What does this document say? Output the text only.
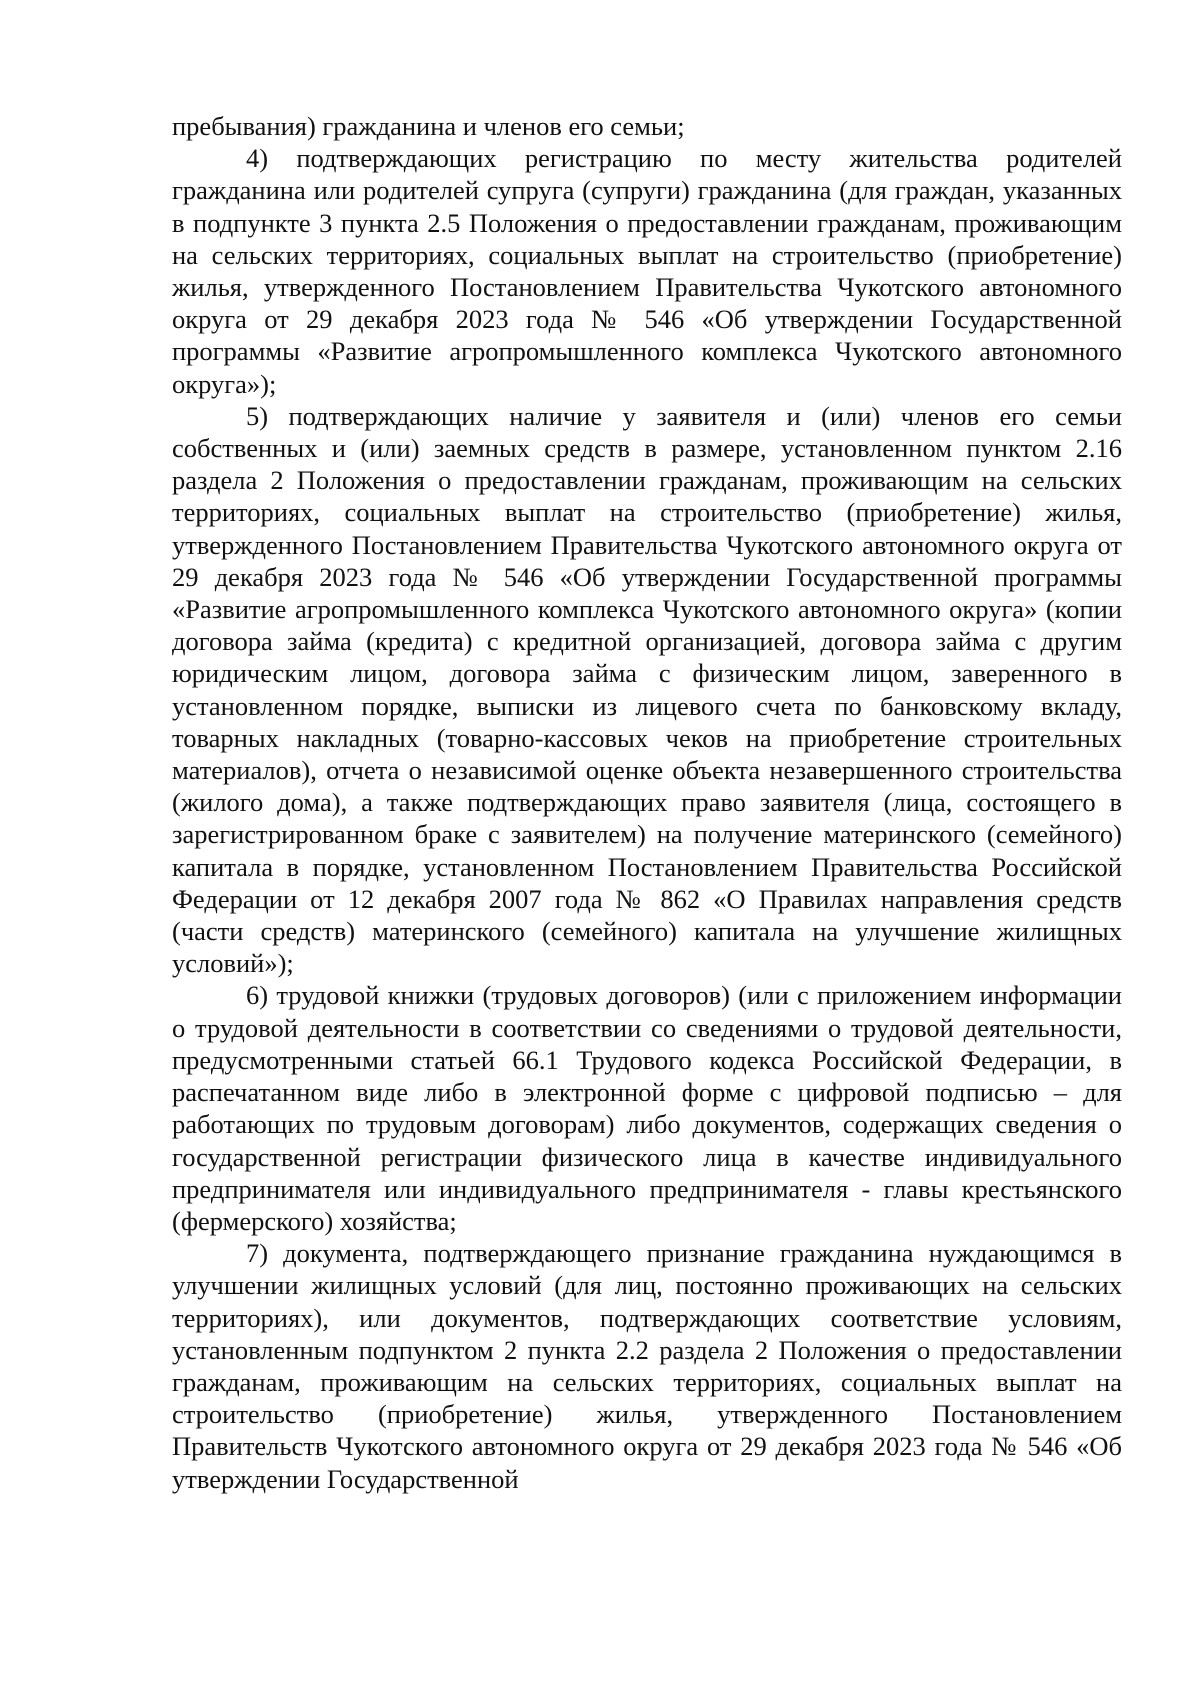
пребывания) гражданина и членов его семьи;

4) подтверждающих регистрацию по месту жительства родителей гражданина или родителей супруга (супруги) гражданина (для граждан, указанных в подпункте 3 пункта 2.5 Положения о предоставлении гражданам, проживающим на сельских территориях, социальных выплат на строительство (приобретение) жилья, утвержденного Постановлением Правительства Чукотского автономного округа от 29 декабря 2023 года № 546 «Об утверждении Государственной программы «Развитие агропромышленного комплекса Чукотского автономного округа»);

5) подтверждающих наличие у заявителя и (или) членов его семьи собственных и (или) заемных средств в размере, установленном пунктом 2.16 раздела 2 Положения о предоставлении гражданам, проживающим на сельских территориях, социальных выплат на строительство (приобретение) жилья, утвержденного Постановлением Правительства Чукотского автономного округа от 29 декабря 2023 года № 546 «Об утверждении Государственной программы «Развитие агропромышленного комплекса Чукотского автономного округа» (копии договора займа (кредита) с кредитной организацией, договора займа с другим юридическим лицом, договора займа с физическим лицом, заверенного в установленном порядке, выписки из лицевого счета по банковскому вкладу, товарных накладных (товарно-кассовых чеков на приобретение строительных материалов), отчета о независимой оценке объекта незавершенного строительства (жилого дома), а также подтверждающих право заявителя (лица, состоящего в зарегистрированном браке с заявителем) на получение материнского (семейного) капитала в порядке, установленном Постановлением Правительства Российской Федерации от 12 декабря 2007 года № 862 «О Правилах направления средств (части средств) материнского (семейного) капитала на улучшение жилищных условий»);

6) трудовой книжки (трудовых договоров) (или с приложением информации о трудовой деятельности в соответствии со сведениями о трудовой деятельности, предусмотренными статьей 66.1 Трудового кодекса Российской Федерации, в распечатанном виде либо в электронной форме с цифровой подписью – для работающих по трудовым договорам) либо документов, содержащих сведения о государственной регистрации физического лица в качестве индивидуального предпринимателя или индивидуального предпринимателя - главы крестьянского (фермерского) хозяйства;

7) документа, подтверждающего признание гражданина нуждающимся в улучшении жилищных условий (для лиц, постоянно проживающих на сельских территориях), или документов, подтверждающих соответствие условиям, установленным подпунктом 2 пункта 2.2 раздела 2 Положения о предоставлении гражданам, проживающим на сельских территориях, социальных выплат на строительство (приобретение) жилья, утвержденного Постановлением Правительств Чукотского автономного округа от 29 декабря 2023 года № 546 «Об утверждении Государственной
